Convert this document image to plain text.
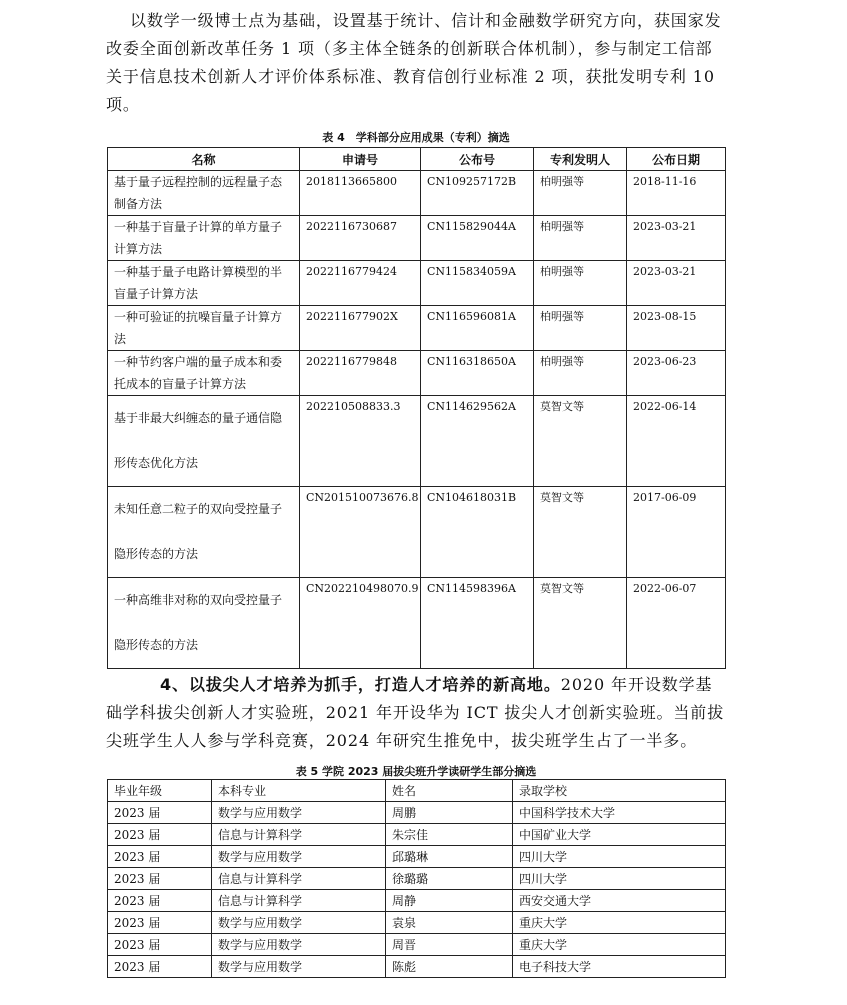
以数学一级博士点为基础，设置基于统计、信计和金融数学研究方向，获国家发改委全面创新改革任务 1 项（多主体全链条的创新联合体机制），参与制定工信部关于信息技术创新人才评价体系标准、教育信创行业标准 2 项，获批发明专利 10 项。
表 4　学科部分应用成果（专利）摘选
名称	申请号	公布号	专利发明人	公布日期
基于量子远程控制的远程量子态制备方法	2018113665800	CN109257172B	柏明强等	2018-11-16
一种基于盲量子计算的单方量子计算方法	2022116730687	CN115829044A	柏明强等	2023-03-21
一种基于量子电路计算模型的半盲量子计算方法	2022116779424	CN115834059A	柏明强等	2023-03-21
一种可验证的抗噪盲量子计算方法	202211677902X	CN116596081A	柏明强等	2023-08-15
一种节约客户端的量子成本和委托成本的盲量子计算方法	2022116779848	CN116318650A	柏明强等	2023-06-23
基于非最大纠缠态的量子通信隐形传态优化方法	202210508833.3	CN114629562A	莫智文等	2022-06-14
未知任意二粒子的双向受控量子隐形传态的方法	CN201510073676.8	CN104618031B	莫智文等	2017-06-09
一种高维非对称的双向受控量子隐形传态的方法	CN202210498070.9	CN114598396A	莫智文等	2022-06-07
4、以拔尖人才培养为抓手，打造人才培养的新高地。2020 年开设数学基础学科拔尖创新人才实验班，2021 年开设华为 ICT 拔尖人才创新实验班。当前拔尖班学生人人参与学科竞赛，2024 年研究生推免中，拔尖班学生占了一半多。
表 5 学院 2023 届拔尖班升学读研学生部分摘选
毕业年级	本科专业	姓名	录取学校
2023 届	数学与应用数学	周鹏	中国科学技术大学
2023 届	信息与计算科学	朱宗佳	中国矿业大学
2023 届	数学与应用数学	邱璐琳	四川大学
2023 届	信息与计算科学	徐璐璐	四川大学
2023 届	信息与计算科学	周静	西安交通大学
2023 届	数学与应用数学	袁泉	重庆大学
2023 届	数学与应用数学	周晋	重庆大学
2023 届	数学与应用数学	陈彪	电子科技大学
